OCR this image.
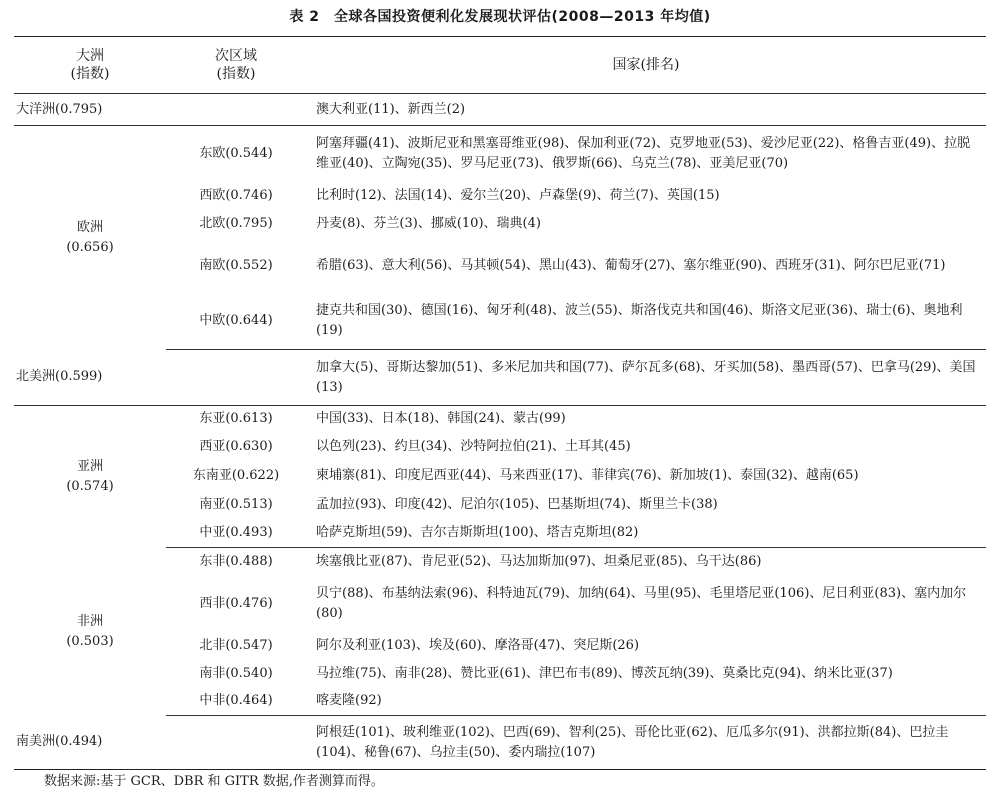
表 2　全球各国投资便利化发展现状评估(2008—2013 年均值)
大洲
(指数)	次区域
(指数)	国家(排名)
大洋洲(0.795)		澳大利亚(11)、新西兰(2)

欧洲
(0.656)	东欧(0.544)	阿塞拜疆(41)、波斯尼亚和黑塞哥维亚(98)、保加利亚(72)、克罗地亚(53)、爱沙尼亚(22)、格鲁吉亚(49)、拉脱维亚(40)、立陶宛(35)、罗马尼亚(73)、俄罗斯(66)、乌克兰(78)、亚美尼亚(70)
	西欧(0.746)	比利时(12)、法国(14)、爱尔兰(20)、卢森堡(9)、荷兰(7)、英国(15)
	北欧(0.795)	丹麦(8)、芬兰(3)、挪威(10)、瑞典(4)
	南欧(0.552)	希腊(63)、意大利(56)、马其顿(54)、黑山(43)、葡萄牙(27)、塞尔维亚(90)、西班牙(31)、阿尔巴尼亚(71)
	中欧(0.644)	捷克共和国(30)、德国(16)、匈牙利(48)、波兰(55)、斯洛伐克共和国(46)、斯洛文尼亚(36)、瑞士(6)、奥地利(19)
北美洲(0.599)		加拿大(5)、哥斯达黎加(51)、多米尼加共和国(77)、萨尔瓦多(68)、牙买加(58)、墨西哥(57)、巴拿马(29)、美国(13)

亚洲
(0.574)	东亚(0.613)	中国(33)、日本(18)、韩国(24)、蒙古(99)
	西亚(0.630)	以色列(23)、约旦(34)、沙特阿拉伯(21)、土耳其(45)
	东南亚(0.622)	柬埔寨(81)、印度尼西亚(44)、马来西亚(17)、菲律宾(76)、新加坡(1)、泰国(32)、越南(65)
	南亚(0.513)	孟加拉(93)、印度(42)、尼泊尔(105)、巴基斯坦(74)、斯里兰卡(38)
	中亚(0.493)	哈萨克斯坦(59)、吉尔吉斯斯坦(100)、塔吉克斯坦(82)

非洲
(0.503)	东非(0.488)	埃塞俄比亚(87)、肯尼亚(52)、马达加斯加(97)、坦桑尼亚(85)、乌干达(86)
	西非(0.476)	贝宁(88)、布基纳法索(96)、科特迪瓦(79)、加纳(64)、马里(95)、毛里塔尼亚(106)、尼日利亚(83)、塞内加尔(80)
	北非(0.547)	阿尔及利亚(103)、埃及(60)、摩洛哥(47)、突尼斯(26)
	南非(0.540)	马拉维(75)、南非(28)、赞比亚(61)、津巴布韦(89)、博茨瓦纳(39)、莫桑比克(94)、纳米比亚(37)
	中非(0.464)	喀麦隆(92)
南美洲(0.494)		阿根廷(101)、玻利维亚(102)、巴西(69)、智利(25)、哥伦比亚(62)、厄瓜多尔(91)、洪都拉斯(84)、巴拉圭(104)、秘鲁(67)、乌拉圭(50)、委内瑞拉(107)
数据来源:基于 GCR、DBR 和 GITR 数据,作者测算而得。
